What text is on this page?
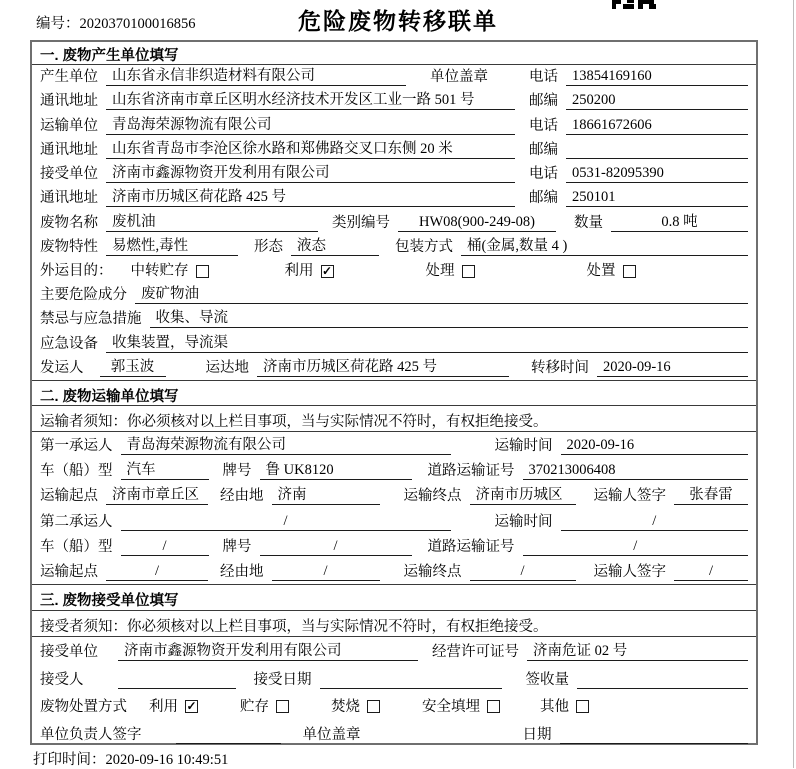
编号：2020370100016856	危险废物转移联单
一. 废物产生单位填写
产生单位 山东省永信非织造材料有限公司	单位盖章	电话 13854169160
通讯地址 山东省济南市章丘区明水经济技术开发区工业一路 501 号	邮编 250200
运输单位 青岛海荣源物流有限公司	电话 18661672606
通讯地址 山东省青岛市李沧区徐水路和郑佛路交叉口东侧 20 米	邮编
接受单位 济南市鑫源物资开发利用有限公司	电话 0531-82095390
通讯地址 济南市历城区荷花路 425 号	邮编 250101
废物名称 废机油	类别编号	HW08(900-249-08)	数量	0.8 吨
废物特性 易燃性,毒性	形态 液态	包装方式 桶(金属,数量 4 )
外运目的： 中转贮存	利用 ✓	处理	处置
主要危险成分 废矿物油
禁忌与应急措施 收集、导流
应急设备 收集装置，导流渠
发运人	郭玉波	运达地 济南市历城区荷花路 425 号	转移时间 2020-09-16
二. 废物运输单位填写
运输者须知：你必须核对以上栏目事项，当与实际情况不符时，有权拒绝接受。
第一承运人 青岛海荣源物流有限公司	运输时间 2020-09-16
车（船）型 汽车	牌号 鲁 UK8120	道路运输证号 370213006408
运输起点 济南市章丘区	经由地 济南	运输终点 济南市历城区	运输人签字	张春雷
第二承运人	/	运输时间	/
车（船）型	/	牌号	/	道路运输证号	/
运输起点	/	经由地	/	运输终点	/	运输人签字	/
三. 废物接受单位填写
接受者须知：你必须核对以上栏目事项，当与实际情况不符时，有权拒绝接受。
接受单位	济南市鑫源物资开发利用有限公司	经营许可证号 济南危证 02 号
接受人	接受日期	签收量
废物处置方式 利用 ✓	贮存	焚烧	安全填埋	其他
单位负责人签字	单位盖章	日期
打印时间：2020-09-16 10:49:51
